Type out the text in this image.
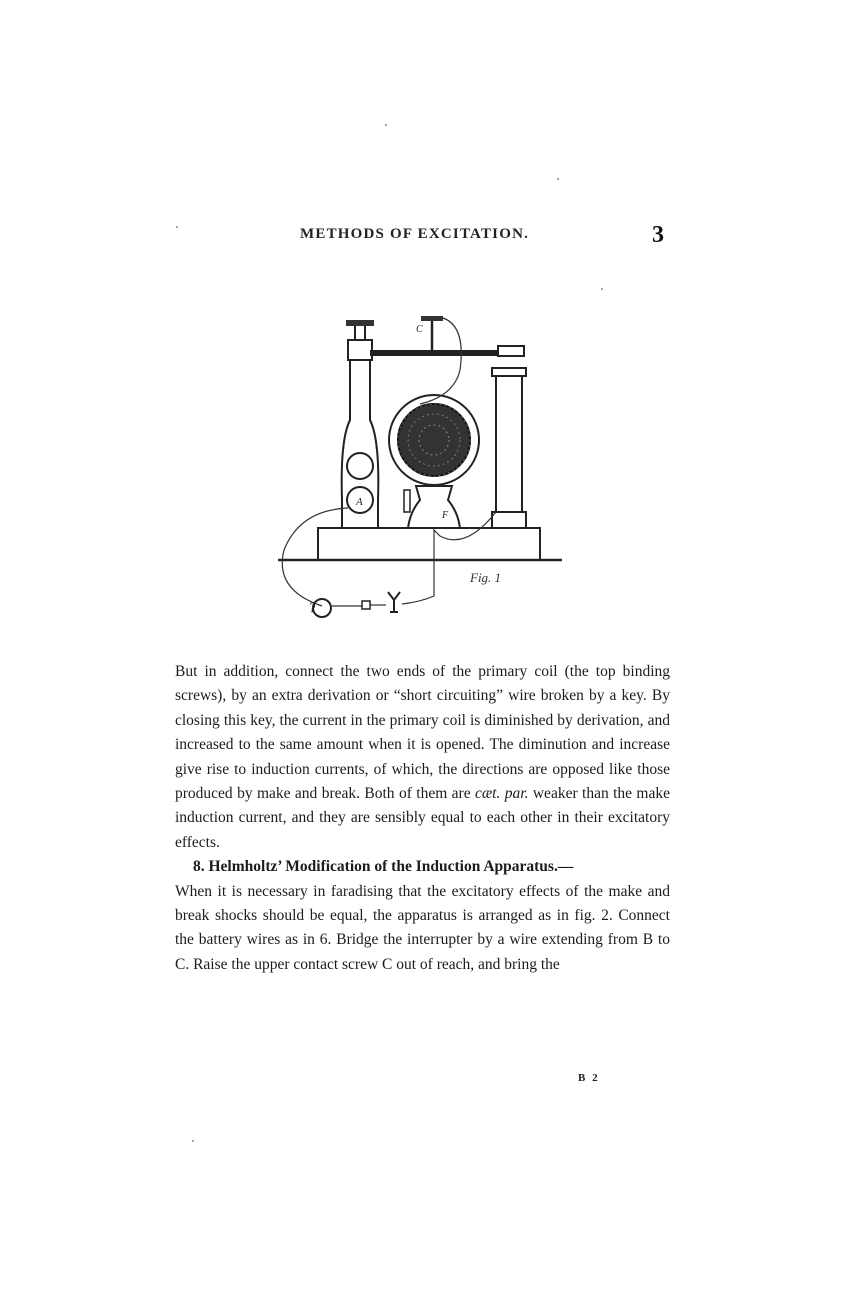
METHODS OF EXCITATION.	3
A
C
F
ˀ
Fig. 1

But in addition, connect the two ends of the primary coil (the top binding screws), by an extra derivation or “short circuiting” wire broken by a key. By closing this key, the current in the primary coil is diminished by derivation, and increased to the same amount when it is opened. The diminution and increase give rise to induction currents, of which, the directions are opposed like those produced by make and break. Both of them are cæt. par. weaker than the make induction current, and they are sensibly equal to each other in their excitatory effects.

8. Helmholtz’ Modification of the Induction Apparatus.—

When it is necessary in faradising that the excitatory effects of the make and break shocks should be equal, the apparatus is arranged as in fig. 2. Connect the battery wires as in 6. Bridge the interrupter by a wire extending from B to C. Raise the upper contact screw C out of reach, and bring the

B 2
